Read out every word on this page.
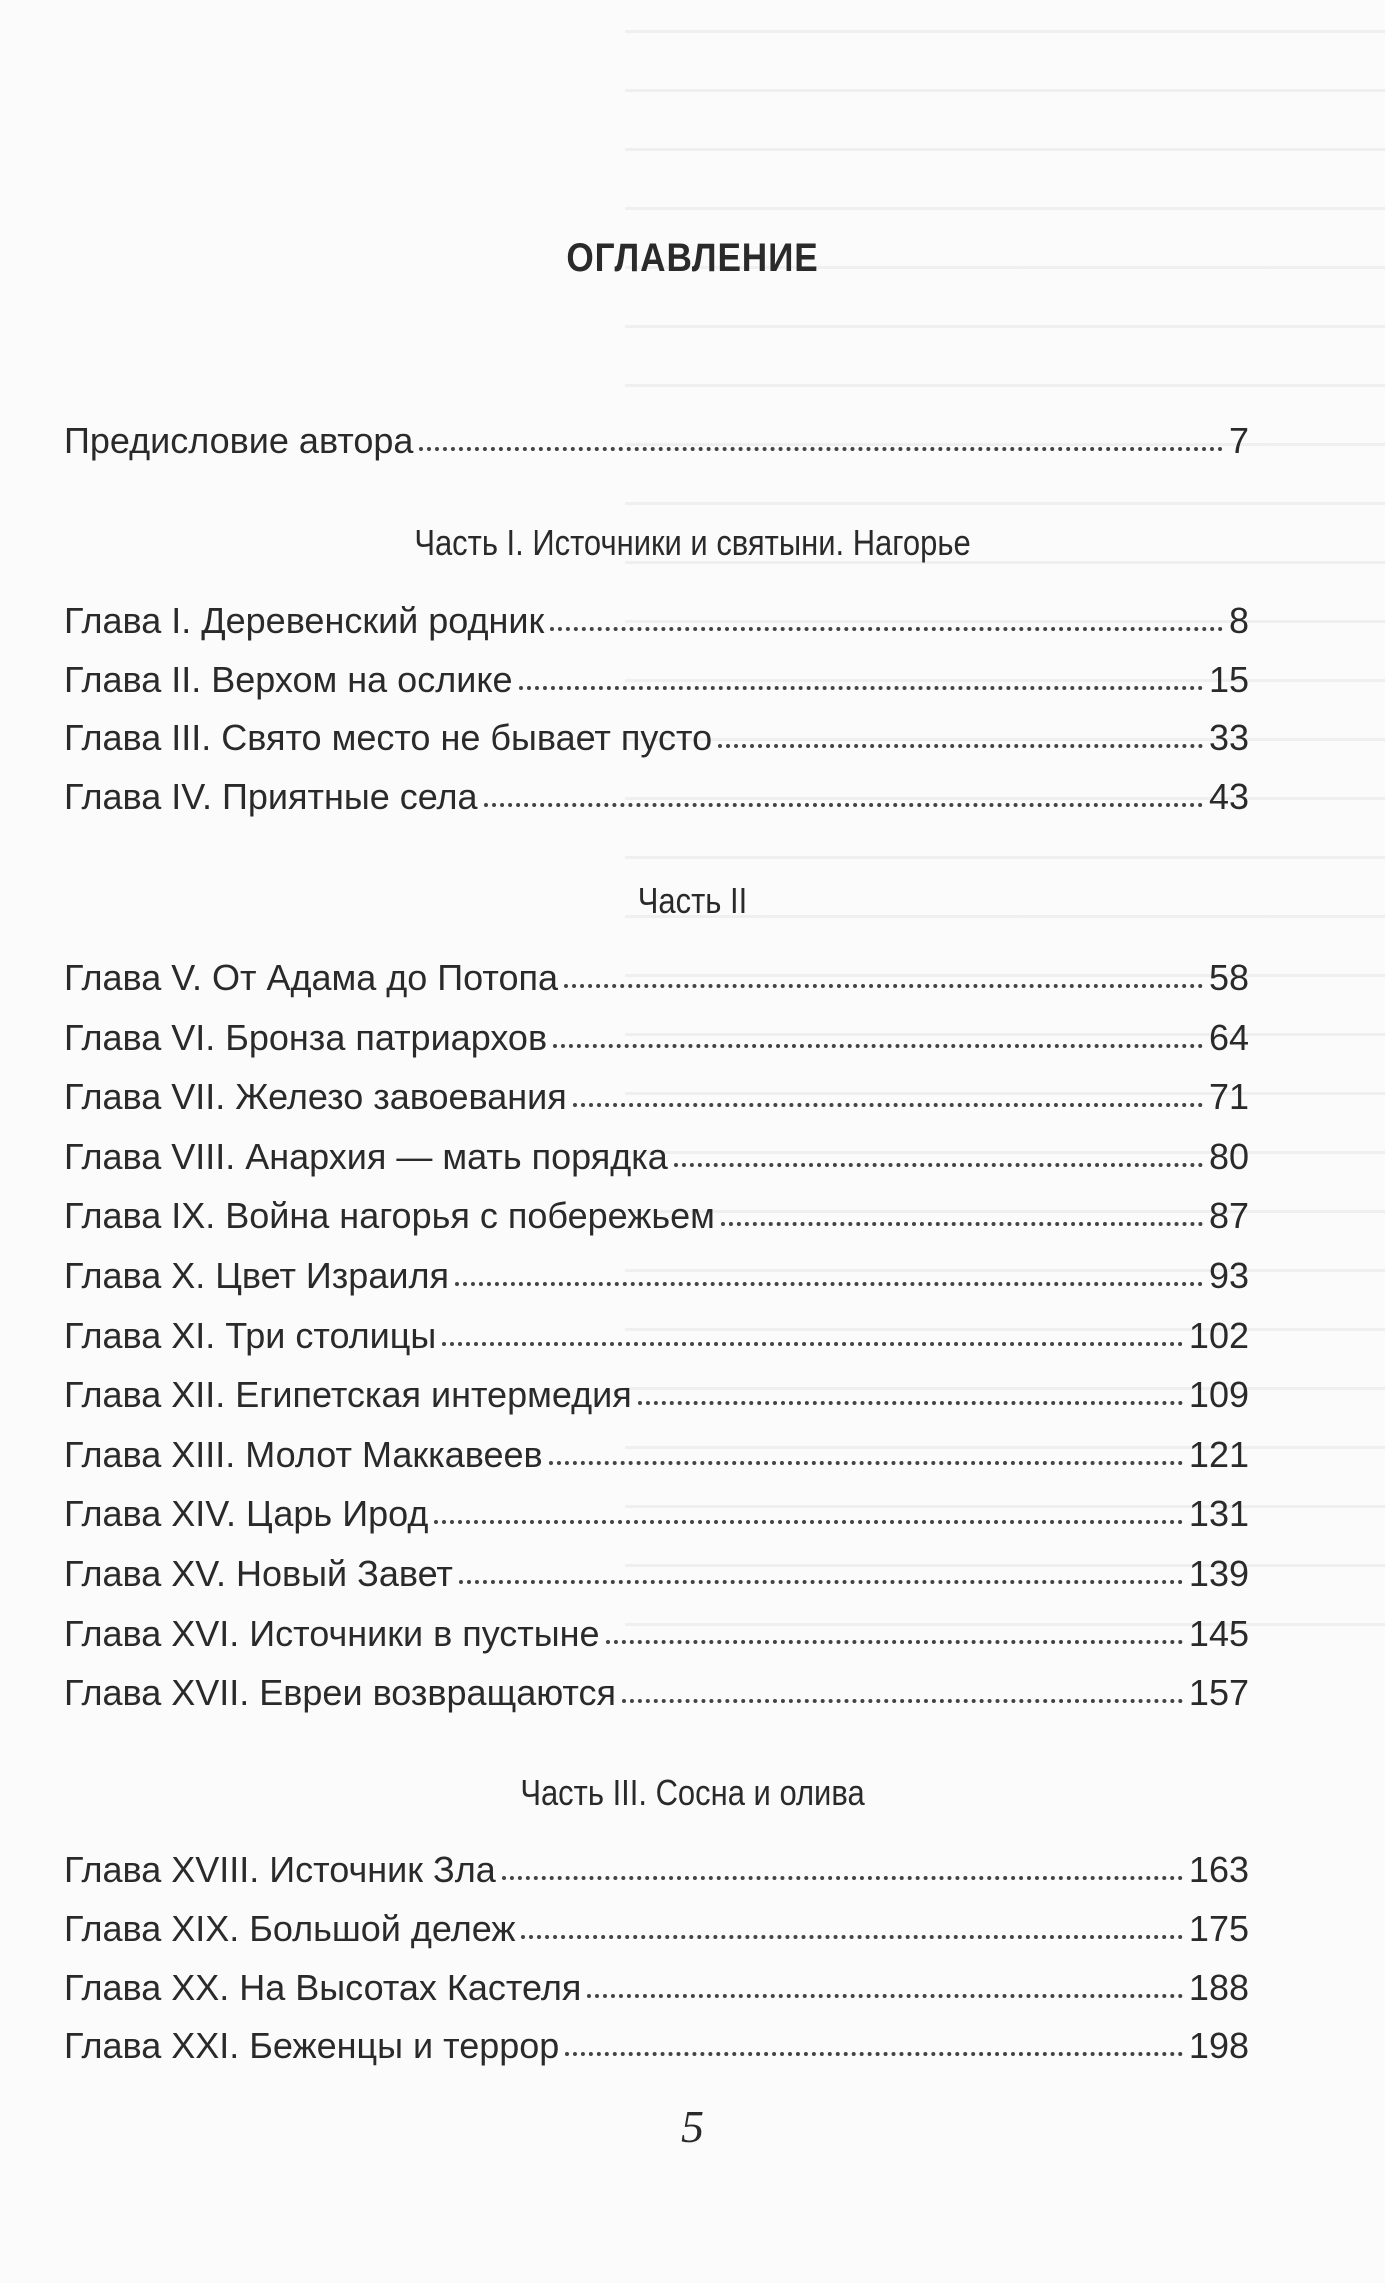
ОГЛАВЛЕНИЕ
Предисловие автора	7
Часть I. Источники и святыни. Нагорье
Глава I. Деревенский родник	8
Глава II. Верхом на ослике	15
Глава III. Свято место не бывает пусто	33
Глава IV. Приятные села	43
Часть II
Глава V. От Адама до Потопа	58
Глава VI. Бронза патриархов	64
Глава VII. Железо завоевания	71
Глава VIII. Анархия — мать порядка	80
Глава IX. Война нагорья с побережьем	87
Глава X. Цвет Израиля	93
Глава XI. Три столицы	102
Глава XII. Египетская интермедия	109
Глава XIII. Молот Маккавеев	121
Глава XIV. Царь Ирод	131
Глава XV. Новый Завет	139
Глава XVI. Источники в пустыне	145
Глава XVII. Евреи возвращаются	157
Часть III. Сосна и олива
Глава XVIII. Источник Зла	163
Глава XIX. Большой дележ	175
Глава XX. На Высотах Кастеля	188
Глава XXI. Беженцы и террор	198
5
